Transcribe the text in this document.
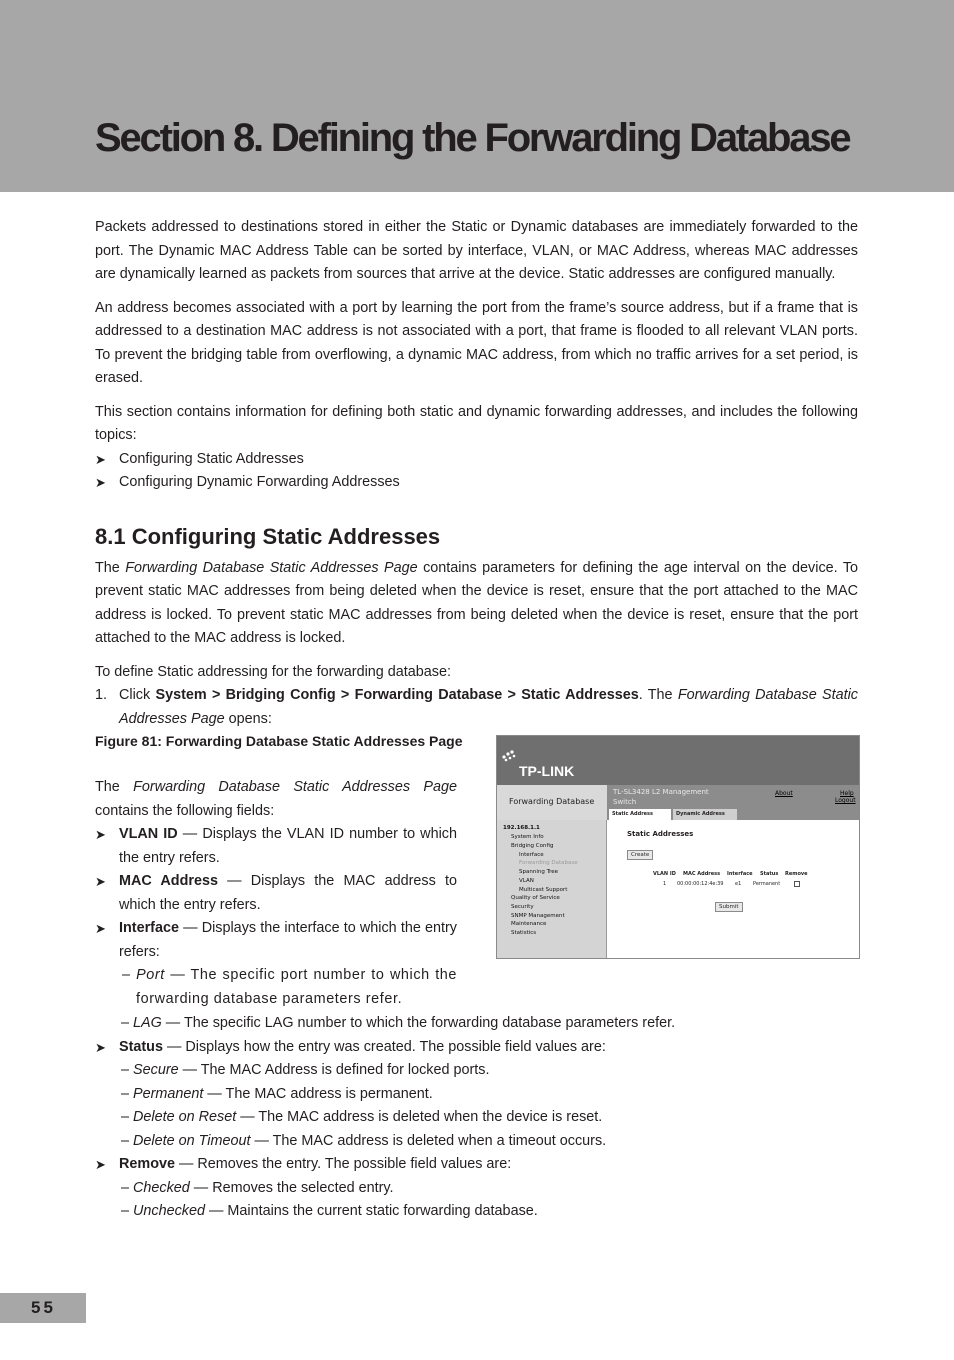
Section 8. Defining the Forwarding Database

Packets addressed to destinations stored in either the Static or Dynamic databases are immediately forwarded to the port. The Dynamic MAC Address Table can be sorted by interface, VLAN, or MAC Address, whereas MAC addresses are dynamically learned as packets from sources that arrive at the device. Static addresses are configured manually.

An address becomes associated with a port by learning the port from the frame’s source address, but if a frame that is addressed to a destination MAC address is not associated with a port, that frame is flooded to all relevant VLAN ports. To prevent the bridging table from overflowing, a dynamic MAC address, from which no traffic arrives for a set period, is erased.

This section contains information for defining both static and dynamic forwarding addresses, and includes the following topics:

➤ Configuring Static Addresses
➤ Configuring Dynamic Forwarding Addresses
8.1 Configuring Static Addresses

The Forwarding Database Static Addresses Page contains parameters for defining the age interval on the device. To prevent static MAC addresses from being deleted when the device is reset, ensure that the port attached to the MAC address is locked. To prevent static MAC addresses from being deleted when the device is reset, ensure that the port attached to the MAC address is locked.

To define Static addressing for the forwarding database:

1. Click System > Bridging Config > Forwarding Database > Static Addresses. The Forwarding Database Static Addresses Page opens:
Figure 81: Forwarding Database Static Addresses Page

The Forwarding Database Static Addresses Page contains the following fields:

➤ VLAN ID — Displays the VLAN ID number to which the entry refers.
➤ MAC Address — Displays the MAC address to which the entry refers.
➤ Interface — Displays the interface to which the entry refers:
– Port — The specific port number to which the forwarding database parameters refer.
– LAG — The specific LAG number to which the forwarding database parameters refer.
➤ Status — Displays how the entry was created. The possible field values are:
– Secure — The MAC Address is defined for locked ports.
– Permanent — The MAC address is permanent.
– Delete on Reset — The MAC address is deleted when the device is reset.
– Delete on Timeout — The MAC address is deleted when a timeout occurs.
➤ Remove — Removes the entry. The possible field values are:
– Checked — Removes the selected entry.
– Unchecked — Maintains the current static forwarding database.
TP-LINK
Forwarding Database
TL-SL3428 L2 Management Switch
About	Help
Logout
Static Address	Dynamic Address
192.168.1.1
System Info
Bridging Config
Interface
Forwarding Database
Spanning Tree
VLAN
Multicast Support
Quality of Service
Security
SNMP Management
Maintenance
Statistics
Static Addresses
Create
VLAN ID MAC Address Interface Status Remove
1 00:00:00:12:4e:39 e1 Permanent
Submit
55
